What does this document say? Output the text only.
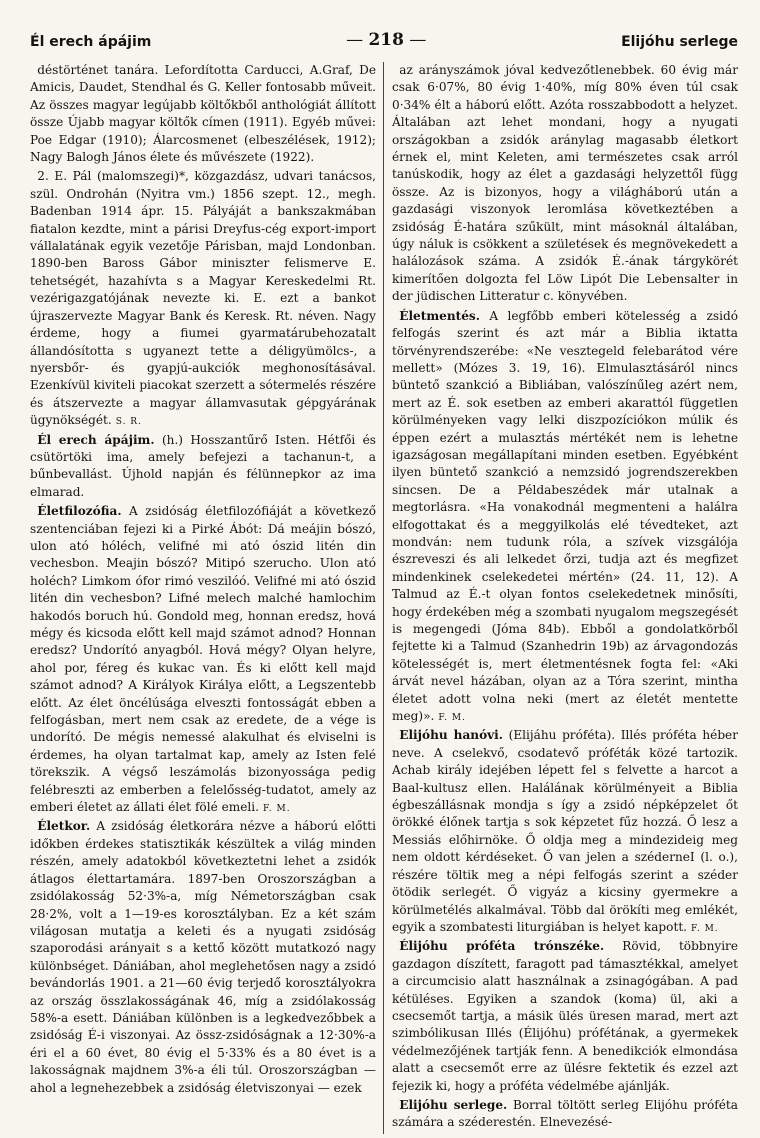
Él erech ápájim
—	218 —	Elijóhu serlege

déstörténet tanára. Lefordította Carducci, A.Graf, De Amicis, Daudet, Stendhal és G. Keller fontosabb műveit. Az összes magyar legújabb költőkből anthológiát állított össze Újabb magyar költők címen (1911). Egyéb művei: Poe Edgar (1910); Álarcosmenet (elbeszélések, 1912); Nagy Balogh János élete és művészete (1922).

2. E. Pál (malomszegi)*, közgazdász, udvari tanácsos, szül. Ondrohán (Nyitra vm.) 1856 szept. 12., megh. Badenban 1914 ápr. 15. Pályáját a bankszakmában fiatalon kezdte, mint a párisi Dreyfus-cég export-import vállalatának egyik vezetője Párisban, majd Londonban. 1890-ben Baross Gábor miniszter felismerve E. tehetségét, hazahívta s a Magyar Kereskedelmi Rt. vezérigazgatójának nevezte ki. E. ezt a bankot újraszervezte Magyar Bank és Keresk. Rt. néven. Nagy érdeme, hogy a fiumei gyarmatárubehozatalt állandósította s ugyanezt tette a déligyümölcs-, a nyersbőr- és gyapjú-aukciók meghonosításával. Ezenkívül kiviteli piacokat szerzett a sótermelés részére és átszervezte a magyar államvasutak gépgyárának ügynökségét. S. R.

Él erech ápájim. (h.) Hosszantűrő Isten. Hétfői és csütörtöki ima, amely befejezi a tachanun-t, a bűnbevallást. Újhold napján és félünnepkor az ima elmarad.

Életfilozófia. A zsidóság életfilozófiáját a következő szentenciában fejezi ki a Pirké Ábót: Dá meájin bószó, ulon ató hóléch, velifné mi ató ószid litén din vechesbon. Meajin bószó? Mitipó szerucho. Ulon ató holéch? Limkom ófor rimó veszilóó. Velifné mi ató ószid litén din vechesbon? Lifné melech malché hamlochim hakodós boruch hú. Gondold meg, honnan eredsz, hová mégy és kicsoda előtt kell majd számot adnod? Honnan eredsz? Undorító anyagból. Hová mégy? Olyan helyre, ahol por, féreg és kukac van. És ki előtt kell majd számot adnod? A Királyok Királya előtt, a Legszentebb előtt. Az élet öncélúsága elveszti fontosságát ebben a felfogásban, mert nem csak az eredete, de a vége is undorító. De mégis nemessé alakulhat és elviselni is érdemes, ha olyan tartalmat kap, amely az Isten felé törekszik. A végső leszámolás bizonyossága pedig felébreszti az emberben a felelősség-tudatot, amely az emberi életet az állati élet fölé emeli. F. M.

Életkor. A zsidóság életkorára nézve a háború előtti időkben érdekes statisztikák készültek a világ minden részén, amely adatokból következtetni lehet a zsidók átlagos élettartamára. 1897-ben Oroszországban a zsidólakosság 52·3%-a, míg Németországban csak 28·2%, volt a 1—19-es korosztályban. Ez a két szám világosan mutatja a keleti és a nyugati zsidóság szaporodási arányait s a kettő között mutatkozó nagy különbséget. Dániában, ahol meglehetősen nagy a zsidó bevándorlás 1901. a 21—60 évig terjedő korosztályokra az ország összlakosságának 46, míg a zsidólakosság 58%-a esett. Dániában különben is a legkedvezőbbek a zsidóság É-i viszonyai. Az össz-zsidóságnak a 12·30%-a éri el a 60 évet, 80 évig el 5·33% és a 80 évet is a lakosságnak majdnem 3%-a éli túl. Oroszországban — ahol a legnehezebbek a zsidóság életviszonyai — ezek

az arányszámok jóval kedvezőtlenebbek. 60 évig már csak 6·07%, 80 évig 1·40%, míg 80% éven túl csak 0·34% élt a háború előtt. Azóta rosszabbodott a helyzet. Általában azt lehet mondani, hogy a nyugati országokban a zsidók aránylag magasabb életkort érnek el, mint Keleten, ami természetes csak arról tanúskodik, hogy az élet a gazdasági helyzettől függ össze. Az is bizonyos, hogy a világháború után a gazdasági viszonyok leromlása következtében a zsidóság É-határa szűkült, mint másoknál általában, úgy náluk is csökkent a születések és megnövekedett a halálozások száma. A zsidók É.-ának tárgykörét kimerítően dolgozta fel Löw Lipót Die Lebensalter in der jüdischen Litteratur c. könyvében.

Életmentés. A legfőbb emberi kötelesség a zsidó felfogás szerint és azt már a Biblia iktatta törvényrendszerébe: «Ne vesztegeld felebarátod vére mellett» (Mózes 3. 19, 16). Elmulasztásáról nincs büntető szankció a Bibliában, valószínűleg azért nem, mert az É. sok esetben az emberi akarattól független körülményeken vagy lelki diszpozíciókon múlik és éppen ezért a mulasztás mértékét nem is lehetne igazságosan megállapítani minden esetben. Egyébként ilyen büntető szankció a nemzsidó jogrendszerekben sincsen. De a Példabeszédek már utalnak a megtorlásra. «Ha vonakodnál megmenteni a halálra elfogottakat és a meggyilkolás elé tévedteket, azt mondván: nem tudunk róla, a szívek vizsgálója észreveszi és ali lelkedet őrzi, tudja azt és megfizet mindenkinek cselekedetei mértén» (24. 11, 12). A Talmud az É.-t olyan fontos cselekedetnek minősíti, hogy érdekében még a szombati nyugalom megszegését is megengedi (Jóma 84b). Ebből a gondolatkörből fejtette ki a Talmud (Szanhedrin 19b) az árvagondozás kötelességét is, mert életmentésnek fogta fel: «Aki árvát nevel házában, olyan az a Tóra szerint, mintha életet adott volna neki (mert az életét mentette meg)». F. M.

Elijóhu hanóvi. (Elijáhu próféta). Illés próféta héber neve. A cselekvő, csodatevő próféták közé tartozik. Achab király idejében lépett fel s felvette a harcot a Baal-kultusz ellen. Halálának körülményeit a Biblia égbeszállásnak mondja s így a zsidó népképzelet őt örökké élőnek tartja s sok képzetet fűz hozzá. Ő lesz a Messiás előhirnöke. Ő oldja meg a mindezideig meg nem oldott kérdéseket. Ő van jelen a széderneI (l. o.), részére töltik meg a népi felfogás szerint a széder ötödik serlegét. Ő vigyáz a kicsiny gyermekre a körülmetélés alkalmával. Több dal örökíti meg emlékét, egyik a szombatesti liturgiában is helyet kapott. F. M.

Élijóhu próféta trónszéke. Rövid, többnyire gazdagon díszített, faragott pad támasztékkal, amelyet a circumcisio alatt használnak a zsinagógában. A pad kétüléses. Egyiken a szandok (koma) ül, aki a csecsemőt tartja, a másik ülés üresen marad, mert azt szimbólikusan Illés (Élijóhu) prófétának, a gyermekek védelmezőjének tartják fenn. A benedikciók elmondása alatt a csecsemőt erre az ülésre fektetik és ezzel azt fejezik ki, hogy a próféta védelmébe ajánlják.

Elijóhu serlege. Borral töltött serleg Elijóhu próféta számára a széderestén. Elnevezésé-
